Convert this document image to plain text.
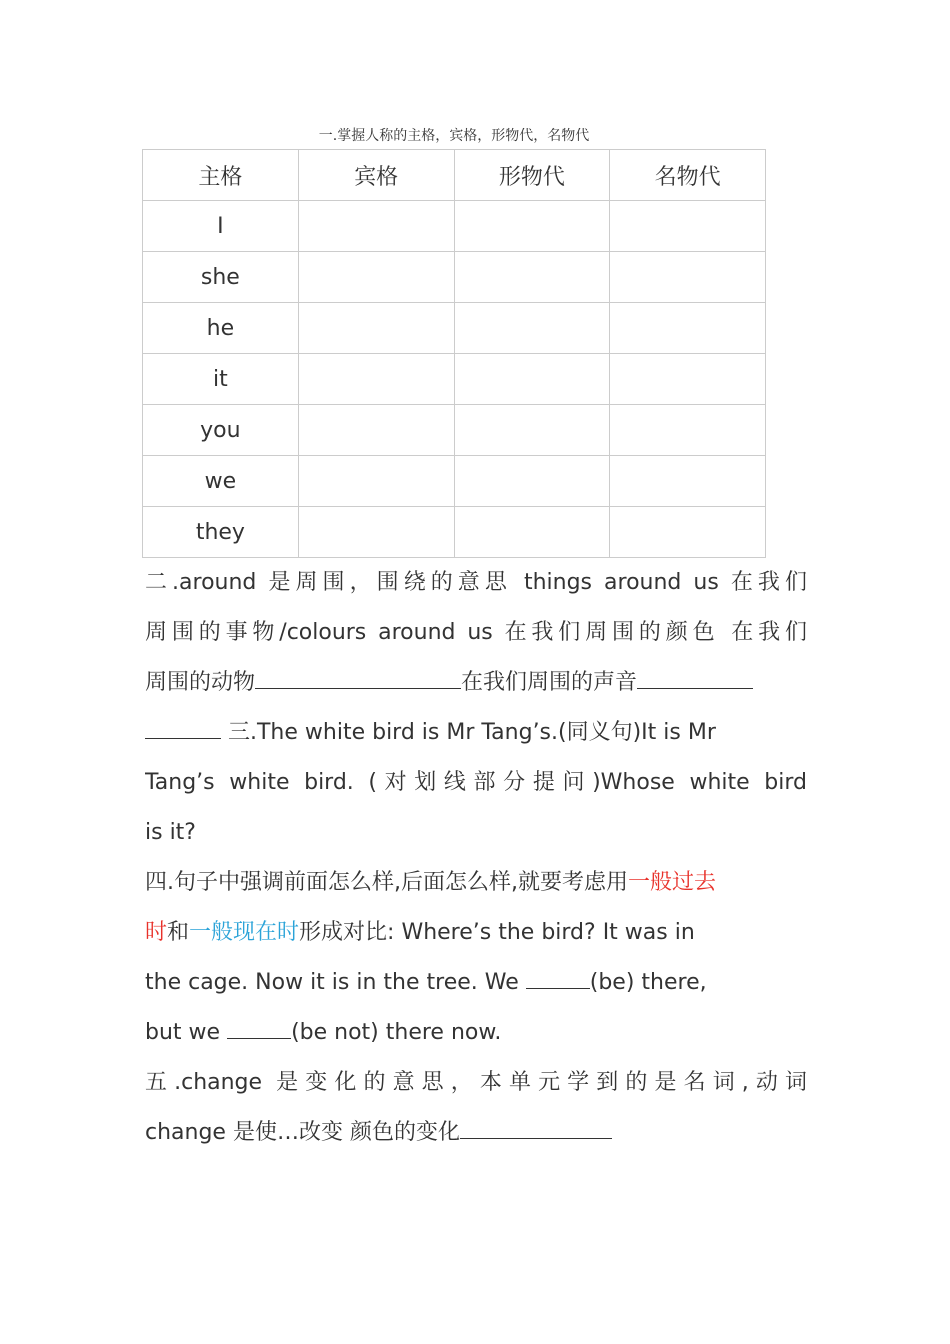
一.掌握人称的主格，宾格，形物代，名物代
主格	宾格	形物代	名物代
I			
she			
he			
it			
you			
we			
they			
二.around 是周围，围绕的意思 things around us 在我们
周围的事物/colours around us 在我们周围的颜色 在我们
周围的动物	在我们周围的声音
三.The white bird is Mr Tang’s.(同义句)It is Mr
Tang’s white bird. (对划线部分提问)Whose white bird
is it?
四.句子中强调前面怎么样,后面怎么样,就要考虑用一般过去
时和一般现在时形成对比: Where’s the bird? It was in
the cage. Now it is in the tree. We	(be) there,
but we	(be not) there now.
五.change 是变化的意思，本单元学到的是名词,动词
change 是使…改变 颜色的变化
